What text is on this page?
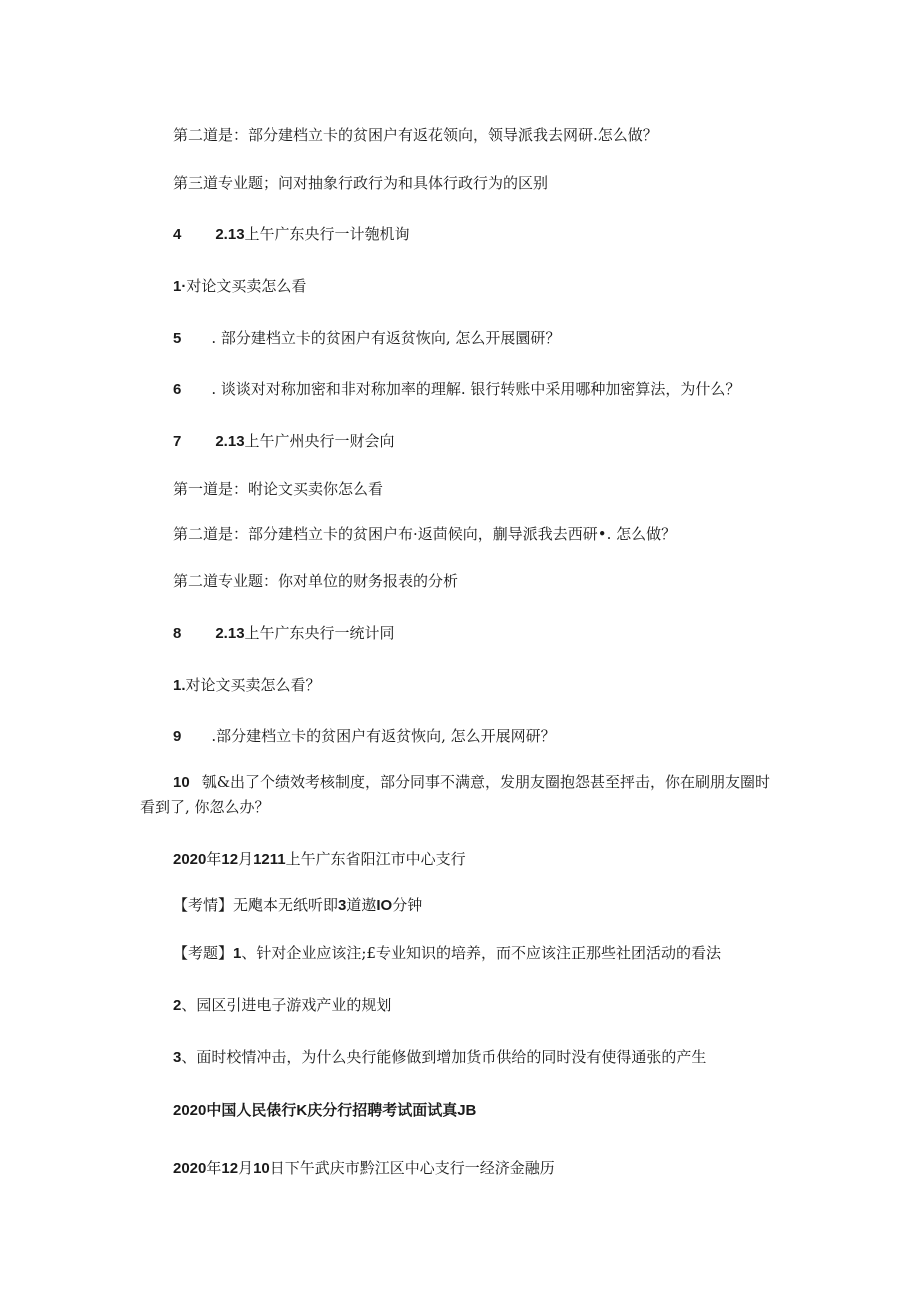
第二道是：部分建档立卡的贫困户有返花领向，领导派我去网研.怎么做？
第三道专业题；问对抽象行政行为和具体行政行为的区别
4 2.13上午广东央行一计匏机询
1·对论文买卖怎么看
5 . 部分建档立卡的贫困户有返贫恢向, 怎么开展圜研？
6 . 谈谈对对称加密和非对称加率的理解. 银行转账中采用哪种加密算法，为什么？
7 2.13上午广州央行一财会向
第一道是：咐论文买卖你怎么看
第二道是：部分建档立卡的贫困户布·返茴候向，蒯导派我去西研•. 怎么做？
第二道专业题：你对单位的财务报表的分析
8 2.13上午广东央行一统计同
1.对论文买卖怎么看？
9 .部分建档立卡的贫困户有返贫恢向, 怎么开展网研？
10 瓠&出了个绩效考核制度，部分同事不满意，发朋友圈抱怨甚至抨击，你在刷朋友圈时
看到了, 你忽么办？
2020年12月1211上午广东省阳江市中心支行
【考情】无飑本无纸听即3道遨IO分钟
【考题】1、针对企业应该注;£专业知识的培养，而不应该注正那些社团活动的看法
2、园区引进电子游戏产业的规划
3、面时校情冲击，为什么央行能修做到增加货币供给的同时没有使得通张的产生
2020中国人民俵行K庆分行招聘考试面试真JB
2020年12月10日下午武庆市黔江区中心支行一经济金融历
